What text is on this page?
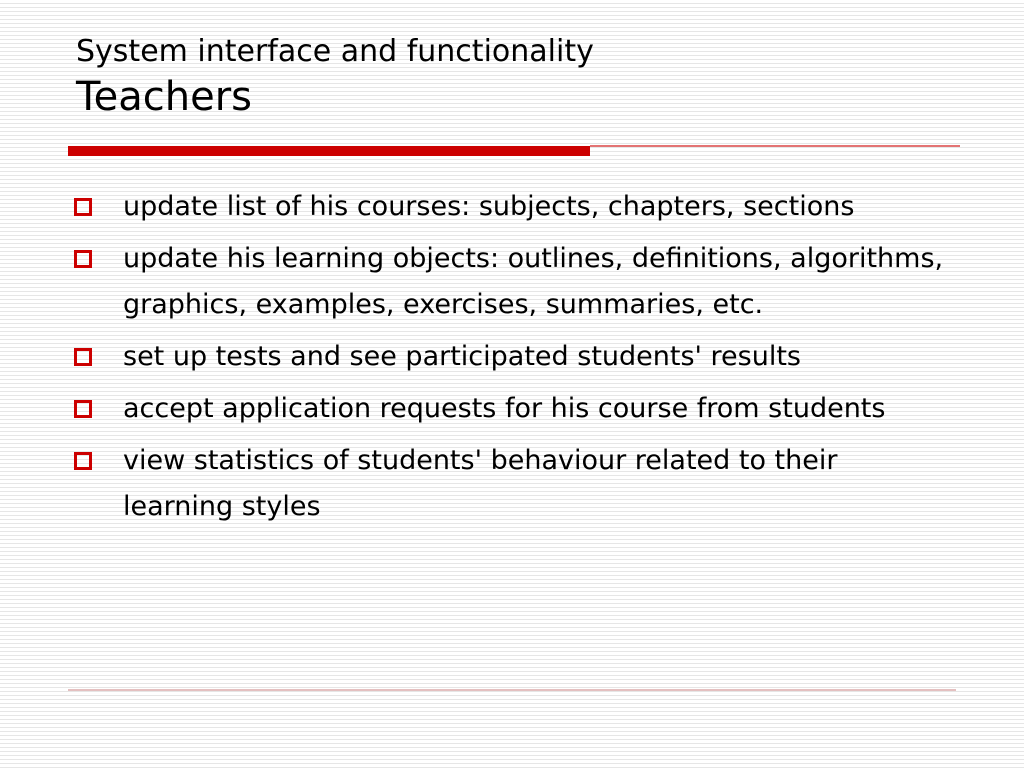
System interface and functionality
Teachers
update list of his courses: subjects, chapters, sections
update his learning objects: outlines, definitions, algorithms, graphics, examples, exercises, summaries, etc.
set up tests and see participated students' results
accept application requests for his course from students
view statistics of students' behaviour related to their learning styles
